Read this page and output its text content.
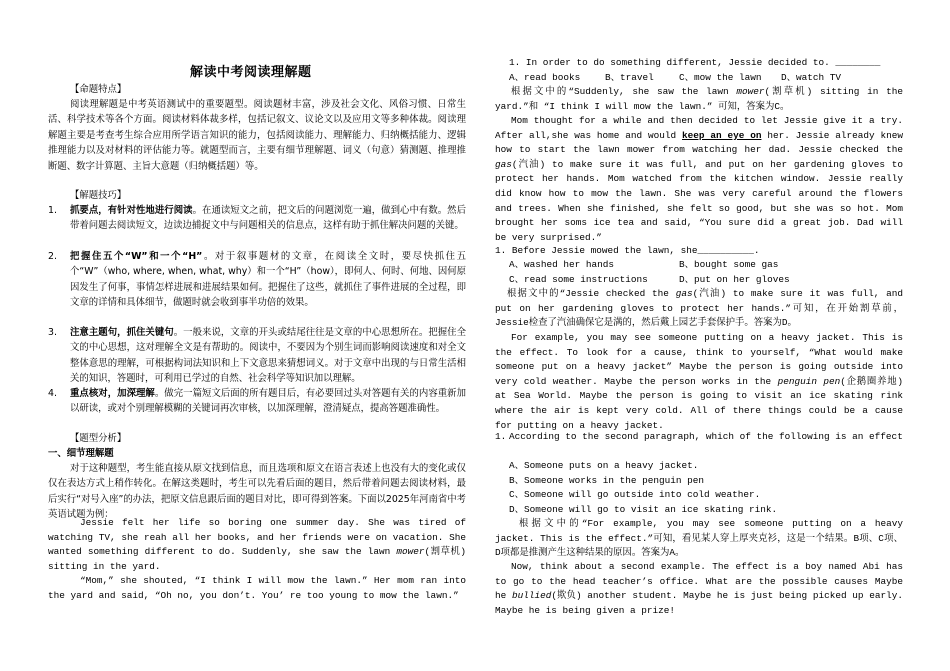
解读中考阅读理解题
【命题特点】

阅读理解题是中考英语测试中的重要题型。阅读题材丰富，涉及社会文化、风俗习惯、日常生活、科学技术等各个方面。阅读材料体裁多样，包括记叙文、议论文以及应用文等多种体裁。阅读理解题主要是考查考生综合应用所学语言知识的能力，包括阅读能力、理解能力、归纳概括能力、逻辑推理能力以及对材料的评估能力等。就题型而言，主要有细节理解题、词义（句意）猜测题、推理推断题、数字计算题、主旨大意题（归纳概括题）等。

【解题技巧】
1.	抓要点，有针对性地进行阅读。在通读短文之前，把文后的问题浏览一遍，做到心中有数。然后带着问题去阅读短文，边读边捕捉文中与问题相关的信息点，这样有助于抓住解决问题的关键。
2.	把握住五个“W”和一个“H”。对于叙事题材的文章，在阅读全文时，要尽快抓住五个“W”（who, where, when, what, why）和一个“H”（how），即何人、何时、何地、因何原因发生了何事，事情怎样进展和进展结果如何。把握住了这些，就抓住了事件进展的全过程，即文章的详情和具体细节，做题时就会收到事半功倍的效果。
3.	注意主题句，抓住关键句。一般来说，文章的开头或结尾往往是文章的中心思想所在。把握住全文的中心思想，这对理解全文是有帮助的。阅读中，不要因为个别生词而影响阅读速度和对全文整体意思的理解，可根据构词法知识和上下文意思来猜想词义。对于文章中出现的与日常生活相关的知识，答题时，可利用已学过的自然、社会科学等知识加以理解。
4.	重点核对，加深理解。做完一篇短文后面的所有题目后，有必要回过头对答题有关的内容重新加以研读，或对个别理解模糊的关键词再次审核，以加深理解，澄清疑点，提高答题准确性。
【题型分析】
一、细节理解题

对于这种题型，考生能直接从原文找到信息，而且选项和原文在语言表述上也没有大的变化或仅仅在表达方式上稍作转化。在解这类题时，考生可以先看后面的题目，然后带着问题去阅读材料，最后实行“对号入座”的办法，把原文信息跟后面的题目对比，即可得到答案。下面以2025年河南省中考英语试题为例：

Jessie felt her life so boring one summer day. She was tired of watching TV, she reah all her books, and her friends were on vacation. She wanted something different to do. Suddenly, she saw the lawn mower(割草机) sitting in the yard.

“Mom,” she shouted, “I think I will mow the lawn.” Her mom ran into the yard and said, “Oh no, you don’t. You’ re too young to mow the lawn.”

1. In order to do something different, Jessie decided to. ________
A、read books	B、travel	C、mow the lawn D、watch TV

根据文中的“Suddenly, she saw the lawn mower(割草机) sitting in the yard.”和 “I think I will mow the lawn.” 可知，答案为C。

Mom thought for a while and then decided to let Jessie give it a try. After all,she was home and would keep an eye on her. Jessie already knew how to start the lawn mower from watching her dad. Jessie checked the gas(汽油) to make sure it was full, and put on her gardening gloves to protect her hands. Mom watched from the kitchen window. Jessie really did know how to mow the lawn. She was very careful around the flowers and trees. When she finished, she felt so good, but she was so hot. Mom brought her soms ice tea and said, “You sure did a great job. Dad will be very surprised.”

1. Before Jessie mowed the lawn, she__________.
A、washed her hands	B、bought some gas
C、read some instructions	D、put on her gloves

根据文中的“Jessie checked the gas(汽油) to make sure it was full, and put on her gardening gloves to protect her hands.”可知，在开始割草前，Jessie检查了汽油确保它是满的，然后戴上园艺手套保护手。答案为D。

For example, you may see someone putting on a heavy jacket. This is the effect. To look for a cause, think to yourself, “What would make someone put on a heavy jacket” Maybe the person is going outside into very cold weather. Maybe the person works in the penguin pen(企鹅圈养地) at Sea World. Maybe the person is going to visit an ice skating rink where the air is kept very cold. All of there things could be a cause for putting on a heavy jacket.

1. According to the second paragraph, which of the following is an effect
A、Someone puts on a heavy jacket.
B、Someone works in the penguin pen
C、Someone will go outside into cold weather.
D、Someone will go to visit an ice skating rink.

根据文中的“For example, you may see someone putting on a heavy jacket. This is the effect.”可知，看见某人穿上厚夹克衫，这是一个结果。B项、C项、D项都是推测产生这种结果的原因。答案为A。

Now, think about a second example. The effect is a boy named Abi has to go to the head teacher’s office. What are the possible causes Maybe he bullied(欺负) another student. Maybe he is just being picked up early. Maybe he is being given a prize!
